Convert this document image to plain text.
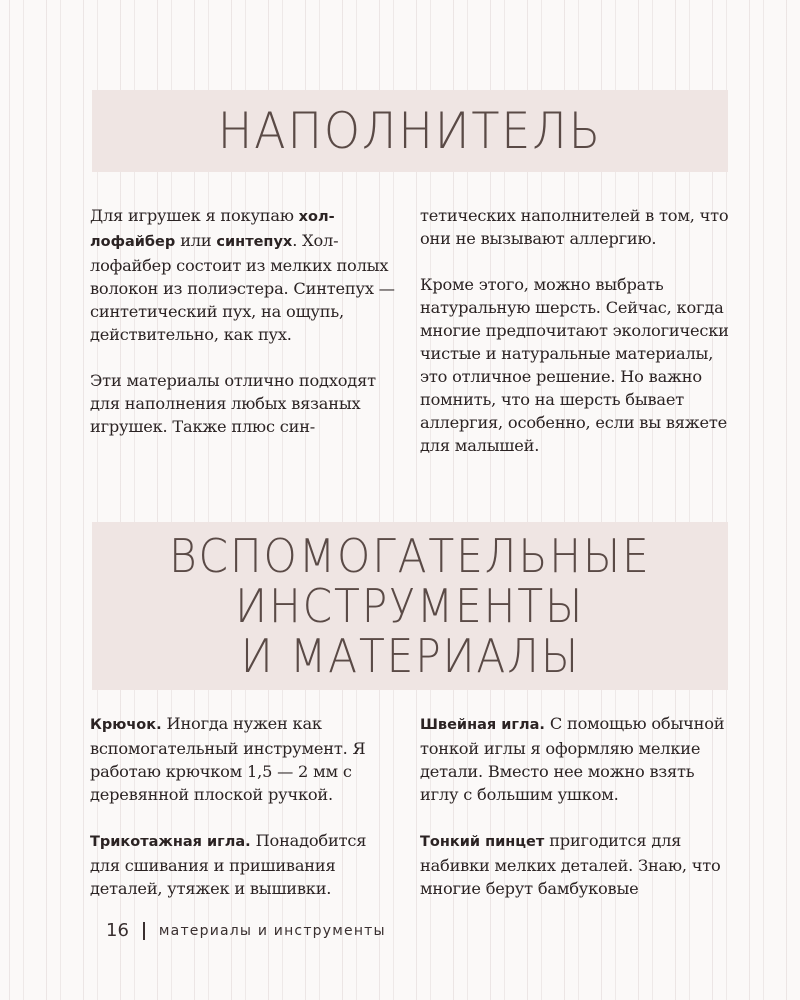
НАПОЛНИТЕЛЬ

Для игрушек я покупаю хол-
лофайбер или синтепух. Хол- лофайбер состоит из мелких полых волокон из полиэстера. Синтепух — синтетический пух, на ощупь, действительно, как пух.

Эти материалы отлично подходят для наполнения любых вязаных игрушек. Также плюс син-

тетических наполнителей в том, что они не вызывают аллергию.

Кроме этого, можно выбрать натуральную шерсть. Сейчас, когда многие предпочитают экологически чистые и натуральные материалы, это отличное решение. Но важно помнить, что на шерсть бывает аллергия, особенно, если вы вяжете для малышей.

ВСПОМОГАТЕЛЬНЫЕ
ИНСТРУМЕНТЫ
И МАТЕРИАЛЫ

Крючок. Иногда нужен как вспомогательный инструмент. Я работаю крючком 1,5 — 2 мм с деревянной плоской ручкой.

Трикотажная игла. Понадобится для сшивания и пришивания деталей, утяжек и вышивки.

Швейная игла. С помощью обычной тонкой иглы я оформляю мелкие детали. Вместо нее можно взять иглу с большим ушком.

Тонкий пинцет пригодится для набивки мелких деталей. Знаю, что многие берут бамбуковые

16 материалы и инструменты
